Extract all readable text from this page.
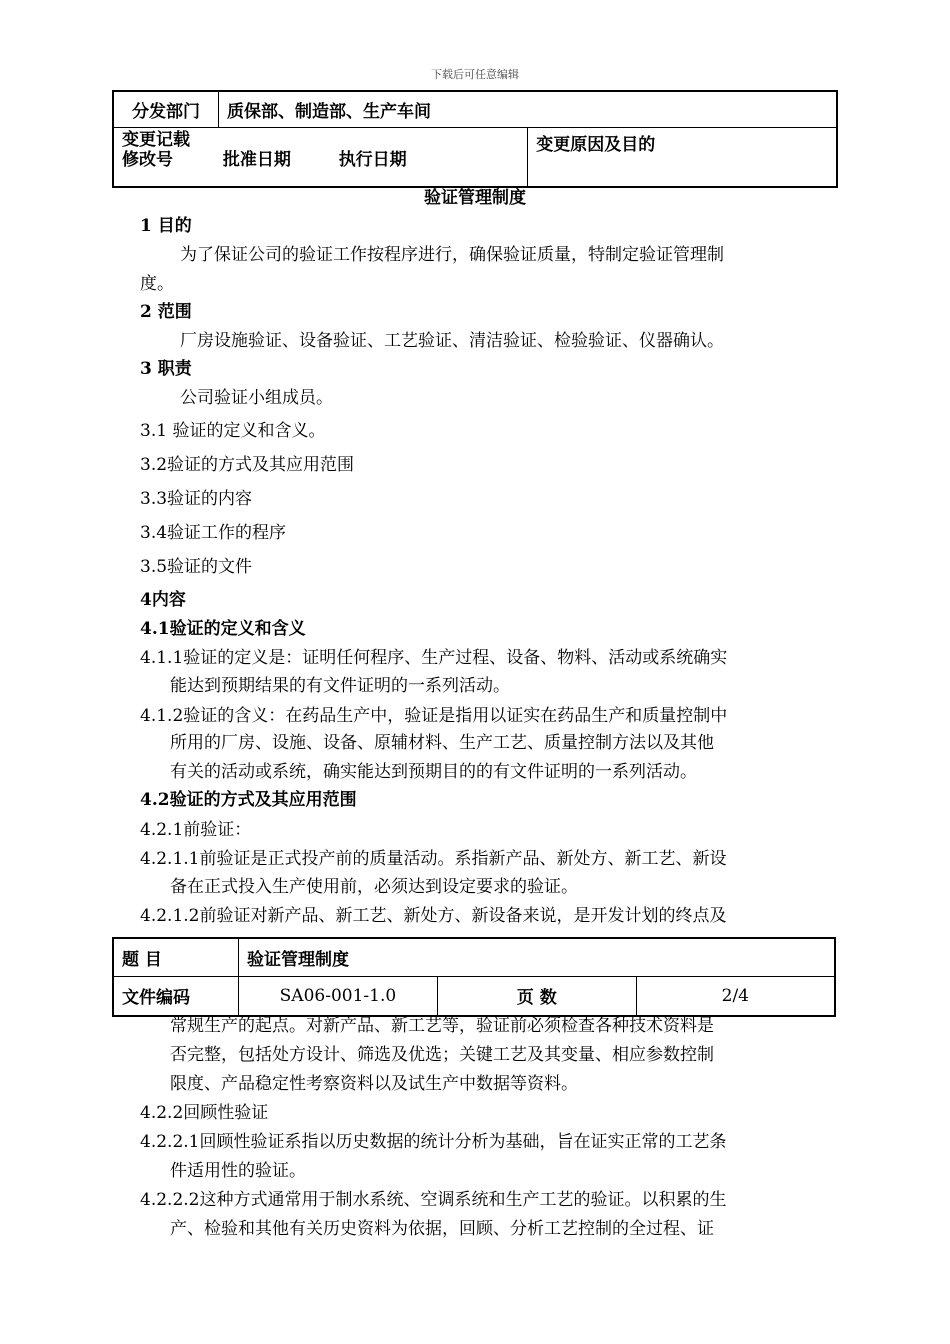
下载后可任意编辑
分发部门	质保部、制造部、生产车间	

变更记载
修改号 批准日期 执行日期		变更原因及目的
验证管理制度
1 目的
为了保证公司的验证工作按程序进行，确保验证质量，特制定验证管理制
度。
2 范围
厂房设施验证、设备验证、工艺验证、清洁验证、检验验证、仪器确认。
3 职责
公司验证小组成员。
3.1 验证的定义和含义。
3.2验证的方式及其应用范围
3.3验证的内容
3.4验证工作的程序
3.5验证的文件
4内容
4.1验证的定义和含义
4.1.1验证的定义是：证明任何程序、生产过程、设备、物料、活动或系统确实
能达到预期结果的有文件证明的一系列活动。
4.1.2验证的含义：在药品生产中，验证是指用以证实在药品生产和质量控制中
所用的厂房、设施、设备、原辅材料、生产工艺、质量控制方法以及其他
有关的活动或系统，确实能达到预期目的的有文件证明的一系列活动。
4.2验证的方式及其应用范围
4.2.1前验证：
4.2.1.1前验证是正式投产前的质量活动。系指新产品、新处方、新工艺、新设
备在正式投入生产使用前，必须达到设定要求的验证。
4.2.1.2前验证对新产品、新工艺、新处方、新设备来说，是开发计划的终点及
题 目	验证管理制度		
文件编码	SA06-001-1.0	页 数	2/4
常规生产的起点。对新产品、新工艺等，验证前必须检查各种技术资料是
否完整，包括处方设计、筛选及优选；关键工艺及其变量、相应参数控制
限度、产品稳定性考察资料以及试生产中数据等资料。
4.2.2回顾性验证
4.2.2.1回顾性验证系指以历史数据的统计分析为基础，旨在证实正常的工艺条
件适用性的验证。
4.2.2.2这种方式通常用于制水系统、空调系统和生产工艺的验证。以积累的生
产、检验和其他有关历史资料为依据，回顾、分析工艺控制的全过程、证
